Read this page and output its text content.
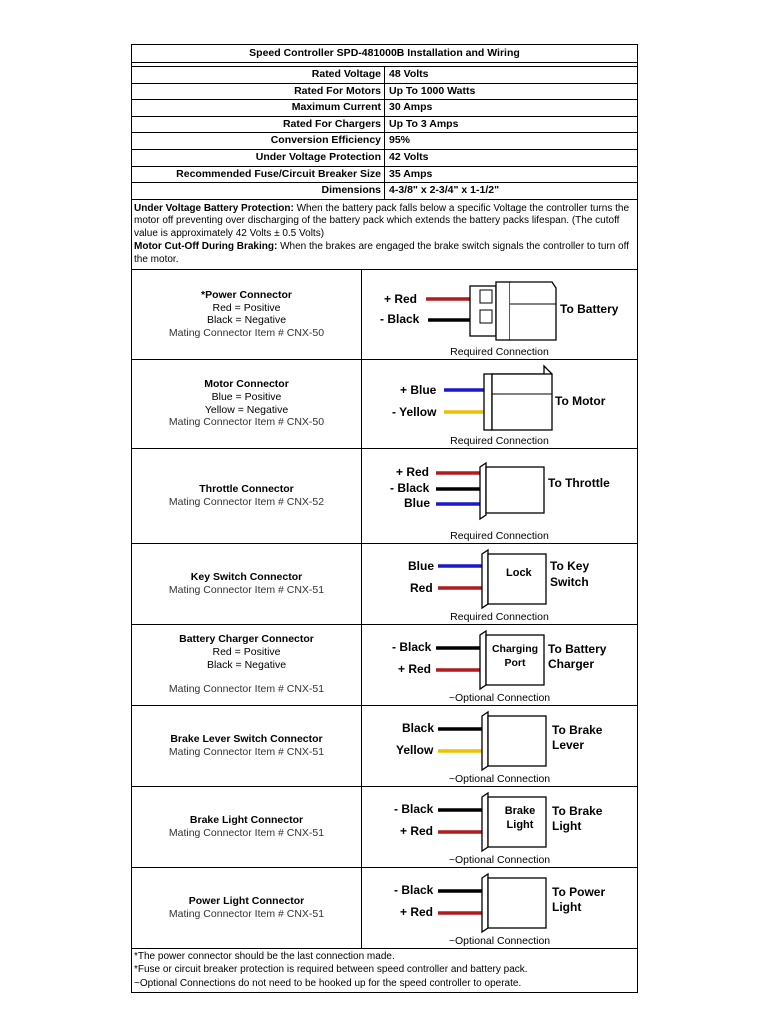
Speed Controller SPD-481000B Installation and Wiring
Rated Voltage 48 Volts
Rated For Motors Up To 1000 Watts
Maximum Current 30 Amps
Rated For Chargers Up To 3 Amps
Conversion Efficiency 95%
Under Voltage Protection 42 Volts
Recommended Fuse/Circuit Breaker Size 35 Amps
Dimensions 4-3/8" x 2-3/4" x 1-1/2"
Under Voltage Battery Protection: When the battery pack falls below a specific Voltage the controller turns the motor off preventing over discharging of the battery pack which extends the battery packs lifespan. (The cutoff value is approximately 42 Volts ± 0.5 Volts)
Motor Cut-Off During Braking: When the brakes are engaged the brake switch signals the controller to turn off the motor.
*Power Connector
Red = Positive
Black = Negative
Mating Connector Item # CNX-50
+ Red
- Black
To Battery
Required Connection
Motor Connector
Blue = Positive
Yellow = Negative
Mating Connector Item # CNX-50
+ Blue
- Yellow
To Motor
Required Connection
Throttle Connector
Mating Connector Item # CNX-52
+ Red
- Black
Blue
To Throttle
Required Connection
Key Switch Connector
Mating Connector Item # CNX-51
Blue
Red
Lock To Key
Switch
Required Connection
Battery Charger Connector
Red = Positive
Black = Negative
Mating Connector Item # CNX-51
- Black
+ Red
Charging
Port
To Battery
Charger
~Optional Connection
Brake Lever Switch Connector
Mating Connector Item # CNX-51
Black
Yellow
To Brake
Lever
~Optional Connection
Brake Light Connector
Mating Connector Item # CNX-51
- Black
+ Red
Brake
Light
To Brake
Light
~Optional Connection
Power Light Connector
Mating Connector Item # CNX-51
- Black
+ Red
To Power
Light
~Optional Connection
*The power connector should be the last connection made.
*Fuse or circuit breaker protection is required between speed controller and battery pack.
~Optional Connections do not need to be hooked up for the speed controller to operate.
